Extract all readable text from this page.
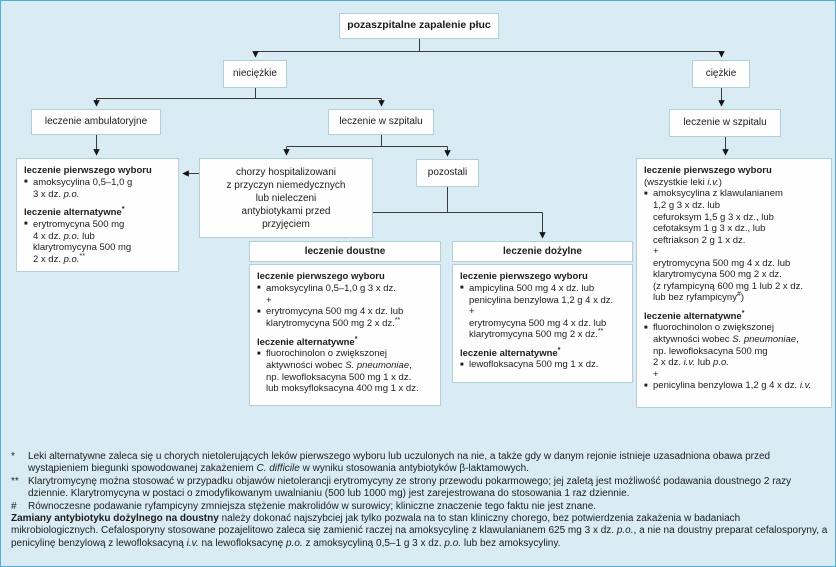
pozaszpitalne zapalenie płuc
nieciężkie	ciężkie
leczenie ambulatoryjne	leczenie w szpitalu	leczenie w szpitalu
leczenie pierwszego wyboru
■ amoksycylina 0,5–1,0 g
3 x dz. p.o.
leczenie alternatywne*
■ erytromycyna 500 mg
4 x dz. p.o. lub
klarytromycyna 500 mg
2 x dz. p.o.**
chorzy hospitalizowani
z przyczyn niemedycznych
lub nieleczeni
antybiotykami przed
przyjęciem
pozostali
leczenie doustne
leczenie pierwszego wyboru
■ amoksycylina 0,5–1,0 g 3 x dz.
+
■ erytromycyna 500 mg 4 x dz. lub
klarytromycyna 500 mg 2 x dz.**
leczenie alternatywne*
■ fluorochinolon o zwiększonej
aktywności wobec S. pneumoniae,
np. lewofloksacyna 500 mg 1 x dz.
lub moksyfloksacyna 400 mg 1 x dz.
leczenie dożylne
leczenie pierwszego wyboru
■ ampicylina 500 mg 4 x dz. lub
penicylina benzylowa 1,2 g 4 x dz.
+
erytromycyna 500 mg 4 x dz. lub
klarytromycyna 500 mg 2 x dz.**
leczenie alternatywne*
■ lewofloksacyna 500 mg 1 x dz.
leczenie pierwszego wyboru
(wszystkie leki i.v.)
■ amoksycylina z klawulanianem
1,2 g 3 x dz. lub
cefuroksym 1,5 g 3 x dz., lub
cefotaksym 1 g 3 x dz., lub
ceftriakson 2 g 1 x dz.
+
erytromycyna 500 mg 4 x dz. lub
klarytromycyna 500 mg 2 x dz.
(z ryfampicyną 600 mg 1 lub 2 x dz.
lub bez ryfampicyny#)
leczenie alternatywne*
■ fluorochinolon o zwiększonej
aktywności wobec S. pneumoniae,
np. lewofloksacyna 500 mg
2 x dz. i.v. lub p.o.
+
■ penicylina benzylowa 1,2 g 4 x dz. i.v.
* Leki alternatywne zaleca się u chorych nietolerujących leków pierwszego wyboru lub uczulonych na nie, a także gdy w danym rejonie istnieje uzasadniona obawa przed wystąpieniem biegunki spowodowanej zakażeniem C. difficile w wyniku stosowania antybiotyków β-laktamowych.
** Klarytromycynę można stosować w przypadku objawów nietolerancji erytromycyny ze strony przewodu pokarmowego; jej zaletą jest możliwość podawania doustnego 2 razy dziennie. Klarytromycyna w postaci o zmodyfikowanym uwalnianiu (500 lub 1000 mg) jest zarejestrowana do stosowania 1 raz dziennie.
# Równoczesne podawanie ryfampicyny zmniejsza stężenie makrolidów w surowicy; kliniczne znaczenie tego faktu nie jest znane.
Zamiany antybiotyku dożylnego na doustny należy dokonać najszybciej jak tylko pozwala na to stan kliniczny chorego, bez potwierdzenia zakażenia w badaniach mikrobiologicznych. Cefalosporyny stosowane pozajelitowo zaleca się zamienić raczej na amoksycylinę z klawulanianem 625 mg 3 x dz. p.o., a nie na doustny preparat cefalosporyny, a penicylinę benzylową z lewofloksacyną i.v. na lewofloksacynę p.o. z amoksycyliną 0,5–1 g 3 x dz. p.o. lub bez amoksycyliny.
